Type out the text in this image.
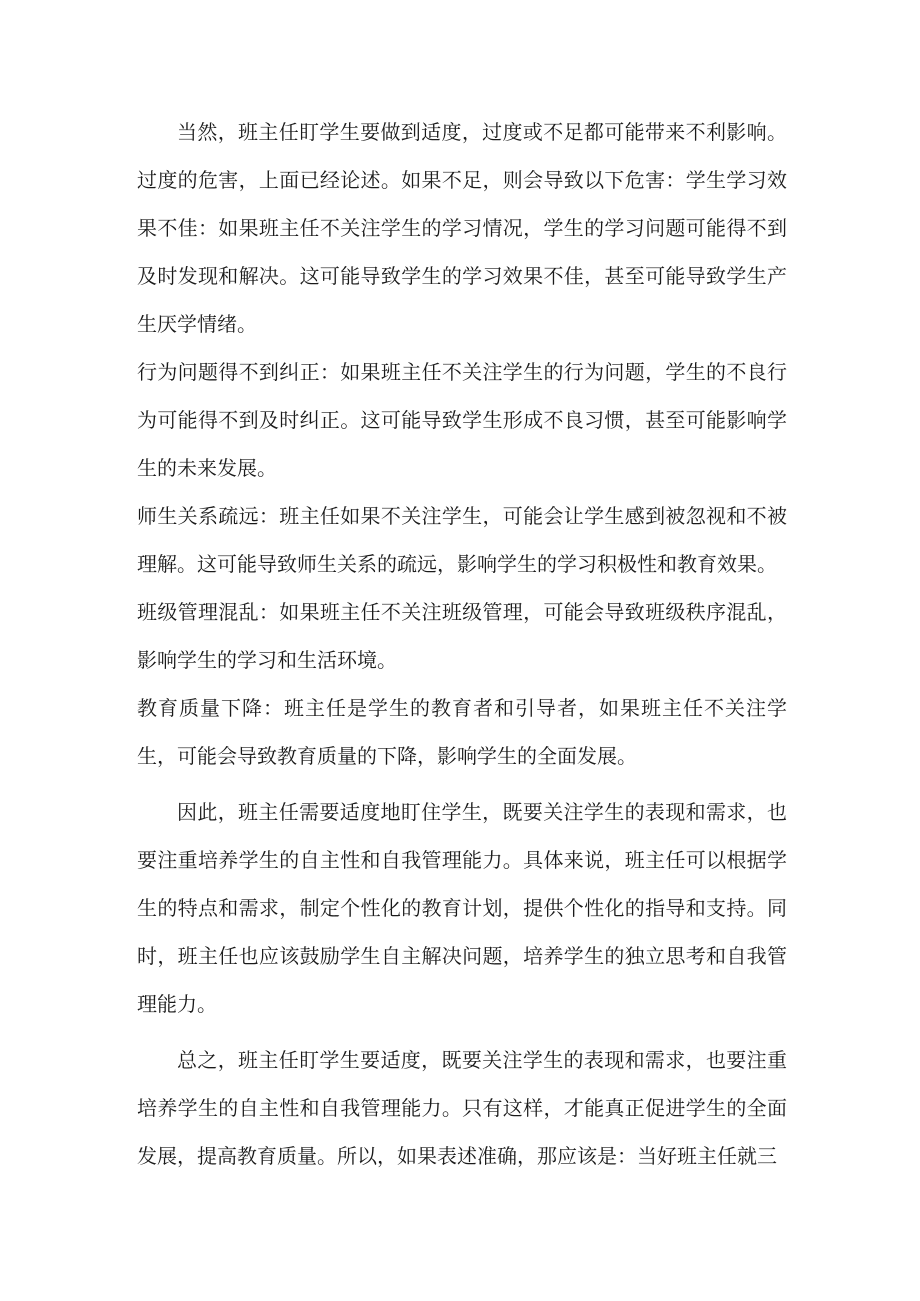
当然，班主任盯学生要做到适度，过度或不足都可能带来不利影响。过度的危害，上面已经论述。如果不足，则会导致以下危害：学生学习效果不佳：如果班主任不关注学生的学习情况，学生的学习问题可能得不到及时发现和解决。这可能导致学生的学习效果不佳，甚至可能导致学生产生厌学情绪。

行为问题得不到纠正：如果班主任不关注学生的行为问题，学生的不良行为可能得不到及时纠正。这可能导致学生形成不良习惯，甚至可能影响学生的未来发展。

师生关系疏远：班主任如果不关注学生，可能会让学生感到被忽视和不被理解。这可能导致师生关系的疏远，影响学生的学习积极性和教育效果。

班级管理混乱：如果班主任不关注班级管理，可能会导致班级秩序混乱，影响学生的学习和生活环境。

教育质量下降：班主任是学生的教育者和引导者，如果班主任不关注学生，可能会导致教育质量的下降，影响学生的全面发展。

因此，班主任需要适度地盯住学生，既要关注学生的表现和需求，也要注重培养学生的自主性和自我管理能力。具体来说，班主任可以根据学生的特点和需求，制定个性化的教育计划，提供个性化的指导和支持。同时，班主任也应该鼓励学生自主解决问题，培养学生的独立思考和自我管理能力。

总之，班主任盯学生要适度，既要关注学生的表现和需求，也要注重培养学生的自主性和自我管理能力。只有这样，才能真正促进学生的全面发展，提高教育质量。所以，如果表述准确，那应该是：当好班主任就三
